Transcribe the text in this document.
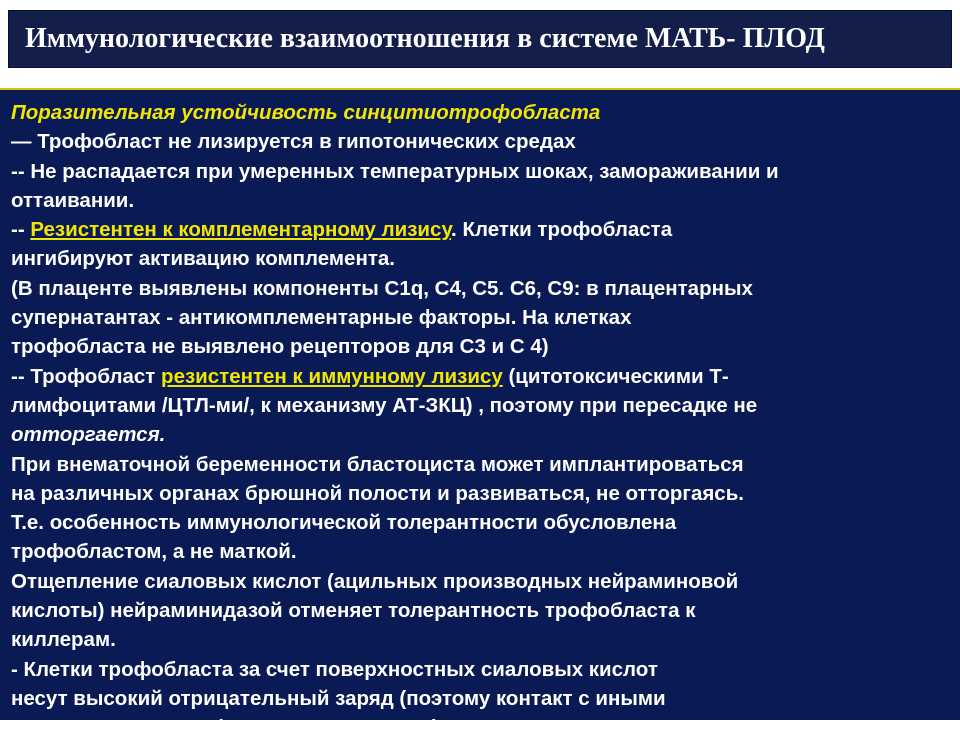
Иммунологические взаимоотношения в системе МАТЬ- ПЛОД
Поразительная устойчивость синцитиотрофобласта
— Трофобласт не лизируется в гипотонических средах
-- Не распадается при умеренных температурных шоках, замораживании и
оттаивании.
-- Резистентен к комплементарному лизису. Клетки трофобласта
ингибируют активацию комплемента.
(В плаценте выявлены компоненты С1q, С4, С5. С6, С9: в плацентарных
супернатантах - антикомплементарные факторы. На клетках
трофобласта не выявлено рецепторов для С3 и С 4)
-- Трофобласт резистентен к иммунному лизису (цитотоксическими Т-
лимфоцитами /ЦТЛ-ми/, к механизму АТ-ЗКЦ) , поэтому при пересадке не
отторгается.
При внематочной беременности бластоциста может имплантироваться
на различных органах брюшной полости и развиваться, не отторгаясь.
Т.е. особенность иммунологической толерантности обусловлена
трофобластом, а не маткой.
Отщепление сиаловых кислот (ацильных производных нейраминовой
кислоты) нейраминидазой отменяет толерантность трофобласта к
киллерам.
- Клетки трофобласта за счет поверхностных сиаловых кислот
несут высокий отрицательный заряд (поэтому контакт с иными
клетками, в т.ч. лимфоцитами, затруднен).
